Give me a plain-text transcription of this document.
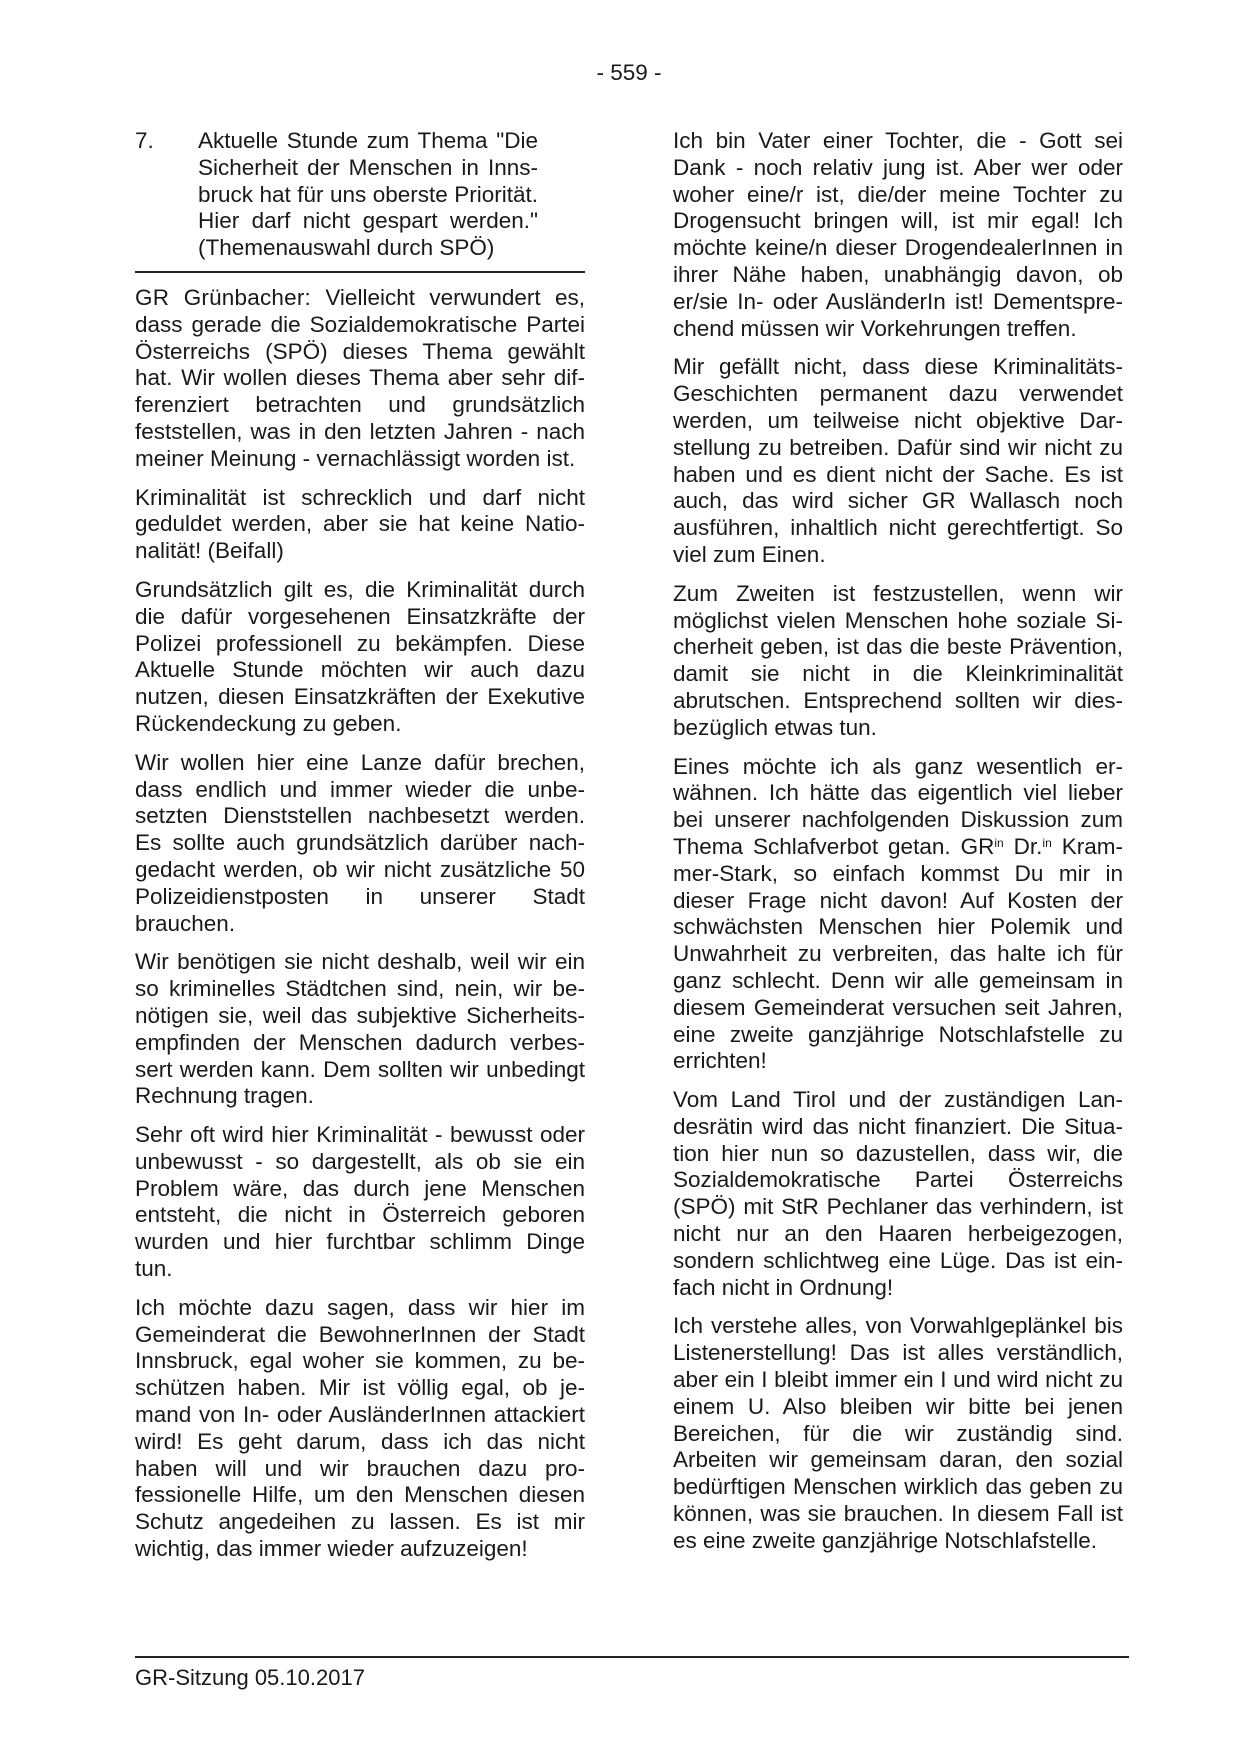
- 559 -
7.	Aktuelle Stunde zum Thema "Die Sicherheit der Menschen in Innsbruck hat für uns oberste Priorität. Hier darf nicht gespart werden." (Themenauswahl durch SPÖ)

GR Grünbacher: Vielleicht verwundert es, dass gerade die Sozialdemokratische Partei Österreichs (SPÖ) dieses Thema gewählt hat. Wir wollen dieses Thema aber sehr differenziert betrachten und grundsätzlich feststellen, was in den letzten Jahren - nach meiner Meinung - vernachlässigt worden ist.

Kriminalität ist schrecklich und darf nicht geduldet werden, aber sie hat keine Nationalität! (Beifall)

Grundsätzlich gilt es, die Kriminalität durch die dafür vorgesehenen Einsatzkräfte der Polizei professionell zu bekämpfen. Diese Aktuelle Stunde möchten wir auch dazu nutzen, diesen Einsatzkräften der Exekutive Rückendeckung zu geben.

Wir wollen hier eine Lanze dafür brechen, dass endlich und immer wieder die unbesetzten Dienststellen nachbesetzt werden. Es sollte auch grundsätzlich darüber nachgedacht werden, ob wir nicht zusätzliche 50 Polizeidienstposten in unserer Stadt brauchen.

Wir benötigen sie nicht deshalb, weil wir ein so kriminelles Städtchen sind, nein, wir benötigen sie, weil das subjektive Sicherheitsempfinden der Menschen dadurch verbessert werden kann. Dem sollten wir unbedingt Rechnung tragen.

Sehr oft wird hier Kriminalität - bewusst oder unbewusst - so dargestellt, als ob sie ein Problem wäre, das durch jene Menschen entsteht, die nicht in Österreich geboren wurden und hier furchtbar schlimm Dinge tun.

Ich möchte dazu sagen, dass wir hier im Gemeinderat die BewohnerInnen der Stadt Innsbruck, egal woher sie kommen, zu beschützen haben. Mir ist völlig egal, ob jemand von In- oder AusländerInnen attackiert wird! Es geht darum, dass ich das nicht haben will und wir brauchen dazu professionelle Hilfe, um den Menschen diesen Schutz angedeihen zu lassen. Es ist mir wichtig, das immer wieder aufzuzeigen!

Ich bin Vater einer Tochter, die - Gott sei Dank - noch relativ jung ist. Aber wer oder woher eine/r ist, die/der meine Tochter zu Drogensucht bringen will, ist mir egal! Ich möchte keine/n dieser DrogendealerInnen in ihrer Nähe haben, unabhängig davon, ob er/sie In- oder AusländerIn ist! Dementsprechend müssen wir Vorkehrungen treffen.

Mir gefällt nicht, dass diese Kriminalitäts-Geschichten permanent dazu verwendet werden, um teilweise nicht objektive Darstellung zu betreiben. Dafür sind wir nicht zu haben und es dient nicht der Sache. Es ist auch, das wird sicher GR Wallasch noch ausführen, inhaltlich nicht gerechtfertigt. So viel zum Einen.

Zum Zweiten ist festzustellen, wenn wir möglichst vielen Menschen hohe soziale Sicherheit geben, ist das die beste Prävention, damit sie nicht in die Kleinkriminalität abrutschen. Entsprechend sollten wir diesbezüglich etwas tun.

Eines möchte ich als ganz wesentlich erwähnen. Ich hätte das eigentlich viel lieber bei unserer nachfolgenden Diskussion zum Thema Schlafverbot getan. GR$^{in}$ Dr.$^{in}$ Krammer-Stark, so einfach kommst Du mir in dieser Frage nicht davon! Auf Kosten der schwächsten Menschen hier Polemik und Unwahrheit zu verbreiten, das halte ich für ganz schlecht. Denn wir alle gemeinsam in diesem Gemeinderat versuchen seit Jahren, eine zweite ganzjährige Notschlafstelle zu errichten!

Vom Land Tirol und der zuständigen Landesrätin wird das nicht finanziert. Die Situation hier nun so dazustellen, dass wir, die Sozialdemokratische Partei Österreichs (SPÖ) mit StR Pechlaner das verhindern, ist nicht nur an den Haaren herbeigezogen, sondern schlichtweg eine Lüge. Das ist einfach nicht in Ordnung!

Ich verstehe alles, von Vorwahlgeplänkel bis Listenerstellung! Das ist alles verständlich, aber ein I bleibt immer ein I und wird nicht zu einem U. Also bleiben wir bitte bei jenen Bereichen, für die wir zuständig sind. Arbeiten wir gemeinsam daran, den sozial bedürftigen Menschen wirklich das geben zu können, was sie brauchen. In diesem Fall ist es eine zweite ganzjährige Notschlafstelle.

GR-Sitzung 05.10.2017
